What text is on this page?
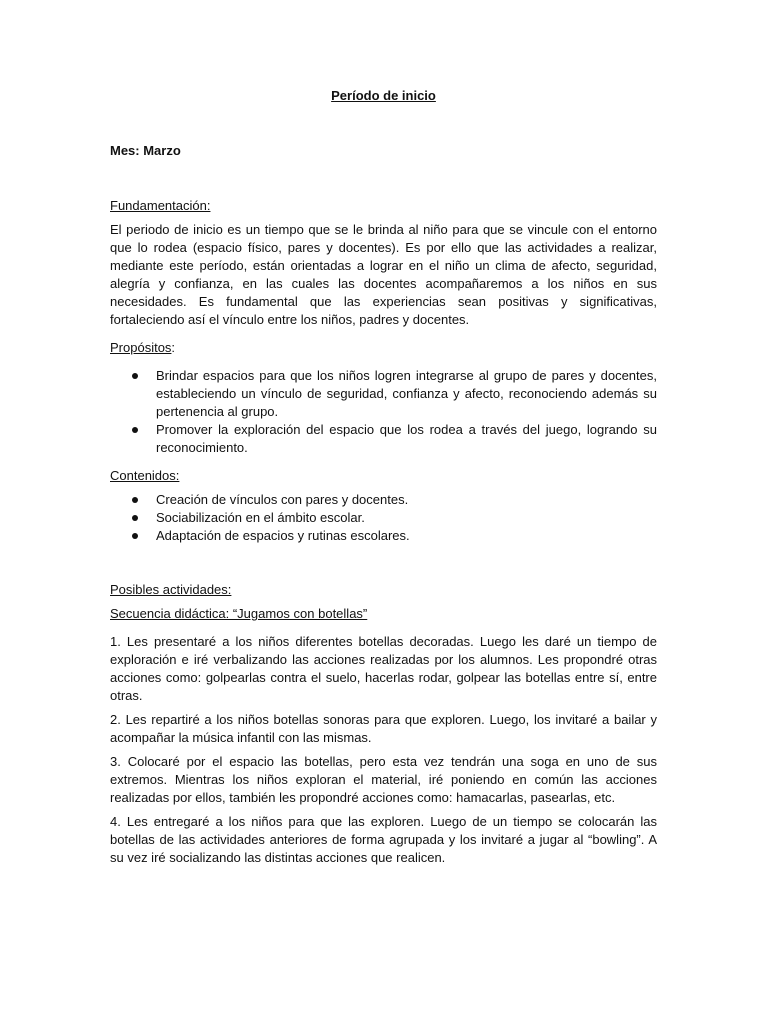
Período de inicio

Mes: Marzo

Fundamentación:

El periodo de inicio es un tiempo que se le brinda al niño para que se vincule con el entorno que lo rodea (espacio físico, pares y docentes). Es por ello que las actividades a realizar, mediante este período, están orientadas a lograr en el niño un clima de afecto, seguridad, alegría y confianza, en las cuales las docentes acompañaremos a los niños en sus necesidades. Es fundamental que las experiencias sean positivas y significativas, fortaleciendo así el vínculo entre los niños, padres y docentes.

Propósitos:

Brindar espacios para que los niños logren integrarse al grupo de pares y docentes, estableciendo un vínculo de seguridad, confianza y afecto, reconociendo además su pertenencia al grupo.
Promover la exploración del espacio que los rodea a través del juego, logrando su reconocimiento.

Contenidos:

Creación de vínculos con pares y docentes.
Sociabilización en el ámbito escolar.
Adaptación de espacios y rutinas escolares.

Posibles actividades:

Secuencia didáctica: “Jugamos con botellas”

1. Les presentaré a los niños diferentes botellas decoradas. Luego les daré un tiempo de exploración e iré verbalizando las acciones realizadas por los alumnos. Les propondré otras acciones como: golpearlas contra el suelo, hacerlas rodar, golpear las botellas entre sí, entre otras.

2. Les repartiré a los niños botellas sonoras para que exploren. Luego, los invitaré a bailar y acompañar la música infantil con las mismas.

3. Colocaré por el espacio las botellas, pero esta vez tendrán una soga en uno de sus extremos. Mientras los niños exploran el material, iré poniendo en común las acciones realizadas por ellos, también les propondré acciones como: hamacarlas, pasearlas, etc.

4. Les entregaré a los niños para que las exploren. Luego de un tiempo se colocarán las botellas de las actividades anteriores de forma agrupada y los invitaré a jugar al “bowling”. A su vez iré socializando las distintas acciones que realicen.
